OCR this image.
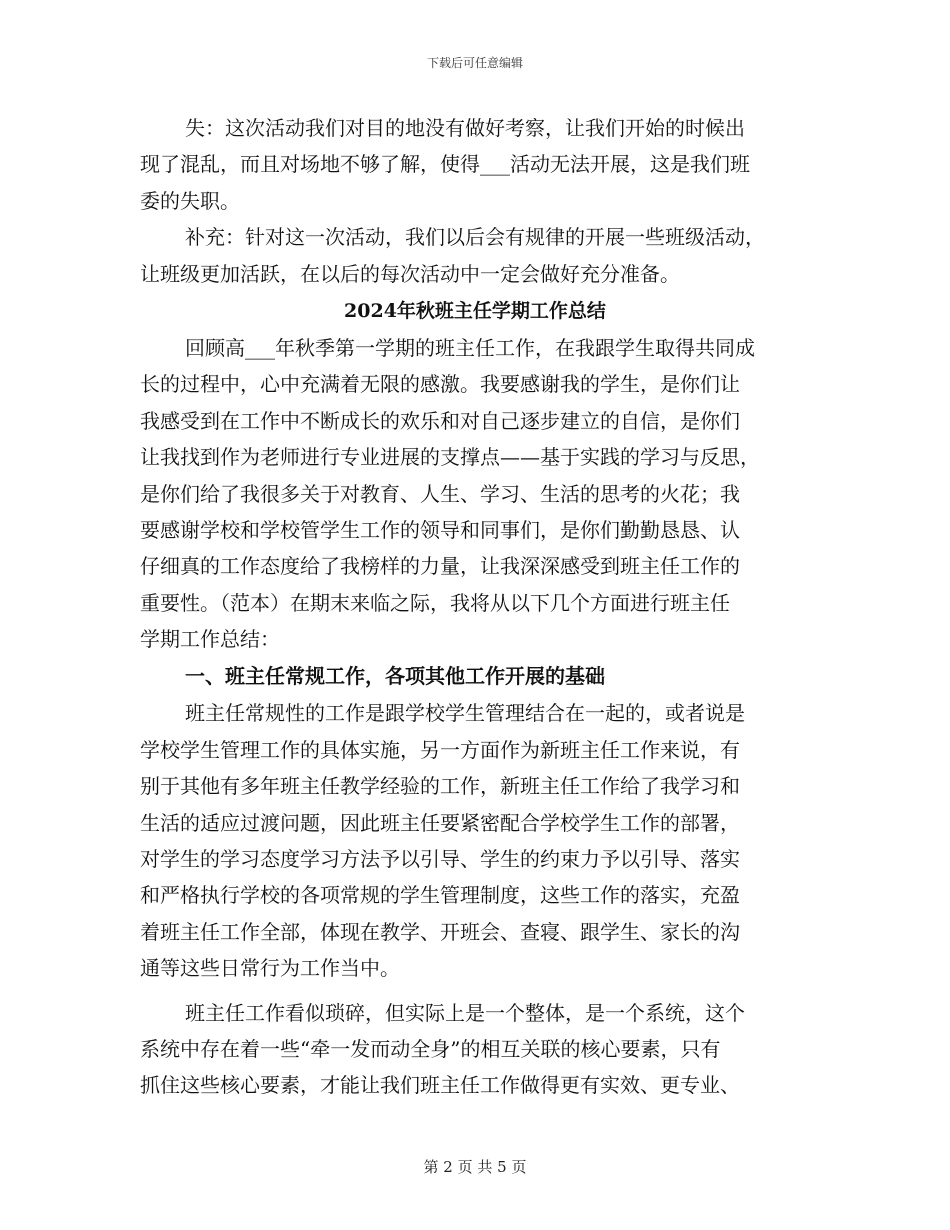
下载后可任意编辑
失：这次活动我们对目的地没有做好考察，让我们开始的时候出
现了混乱，而且对场地不够了解，使得___活动无法开展，这是我们班
委的失职。
补充：针对这一次活动，我们以后会有规律的开展一些班级活动，
让班级更加活跃，在以后的每次活动中一定会做好充分准备。
2024年秋班主任学期工作总结
回顾高___年秋季第一学期的班主任工作，在我跟学生取得共同成
长的过程中，心中充满着无限的感激。我要感谢我的学生，是你们让
我感受到在工作中不断成长的欢乐和对自己逐步建立的自信，是你们
让我找到作为老师进行专业进展的支撑点——基于实践的学习与反思，
是你们给了我很多关于对教育、人生、学习、生活的思考的火花；我
要感谢学校和学校管学生工作的领导和同事们，是你们勤勤恳恳、认
仔细真的工作态度给了我榜样的力量，让我深深感受到班主任工作的
重要性。（范本）在期末来临之际，我将从以下几个方面进行班主任
学期工作总结：
一、班主任常规工作，各项其他工作开展的基础
班主任常规性的工作是跟学校学生管理结合在一起的，或者说是
学校学生管理工作的具体实施，另一方面作为新班主任工作来说，有
别于其他有多年班主任教学经验的工作，新班主任工作给了我学习和
生活的适应过渡问题，因此班主任要紧密配合学校学生工作的部署，
对学生的学习态度学习方法予以引导、学生的约束力予以引导、落实
和严格执行学校的各项常规的学生管理制度，这些工作的落实，充盈
着班主任工作全部，体现在教学、开班会、查寝、跟学生、家长的沟
通等这些日常行为工作当中。
班主任工作看似琐碎，但实际上是一个整体，是一个系统，这个
系统中存在着一些“牵一发而动全身”的相互关联的核心要素，只有
抓住这些核心要素，才能让我们班主任工作做得更有实效、更专业、
第 2 页 共 5 页
